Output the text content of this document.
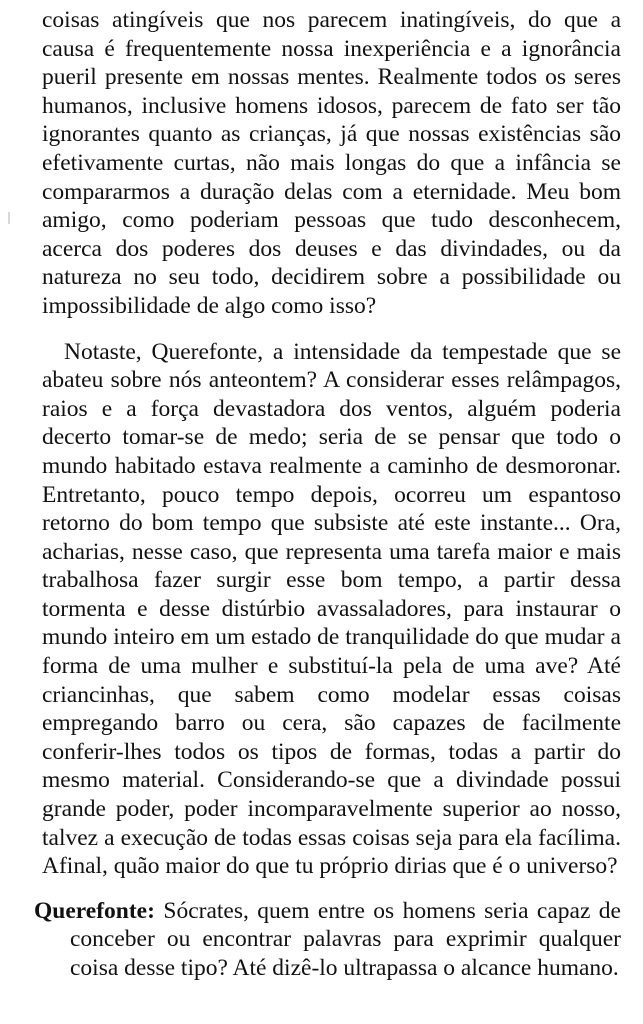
coisas atingíveis que nos parecem inatingíveis, do que a causa é frequentemente nossa inexperiência e a ignorância pueril presente em nossas mentes. Realmente todos os seres humanos, inclusive homens idosos, parecem de fato ser tão ignorantes quanto as crianças, já que nossas existências são efetivamente curtas, não mais longas do que a infância se compararmos a duração delas com a eternidade. Meu bom amigo, como poderiam pessoas que tudo desconhecem, acerca dos poderes dos deuses e das divindades, ou da natureza no seu todo, decidirem sobre a possibilidade ou impossibilidade de algo como isso?

Notaste, Querefonte, a intensidade da tempestade que se abateu sobre nós anteontem? A considerar esses relâmpagos, raios e a força devastadora dos ventos, alguém poderia decerto tomar-se de medo; seria de se pensar que todo o mundo habitado estava realmente a caminho de desmoronar. Entretanto, pouco tempo depois, ocorreu um espantoso retorno do bom tempo que subsiste até este instante... Ora, acharias, nesse caso, que representa uma tarefa maior e mais trabalhosa fazer surgir esse bom tempo, a partir dessa tormenta e desse distúrbio avassaladores, para instaurar o mundo inteiro em um estado de tranquilidade do que mudar a forma de uma mulher e substituí-la pela de uma ave? Até criancinhas, que sabem como modelar essas coisas empregando barro ou cera, são capazes de facilmente conferir-lhes todos os tipos de formas, todas a partir do mesmo material. Considerando-se que a divindade possui grande poder, poder incomparavelmente superior ao nosso, talvez a execução de todas essas coisas seja para ela facílima. Afinal, quão maior do que tu próprio dirias que é o universo?

Querefonte: Sócrates, quem entre os homens seria capaz de conceber ou encontrar palavras para exprimir qualquer coisa desse tipo? Até dizê-lo ultrapassa o alcance humano.
